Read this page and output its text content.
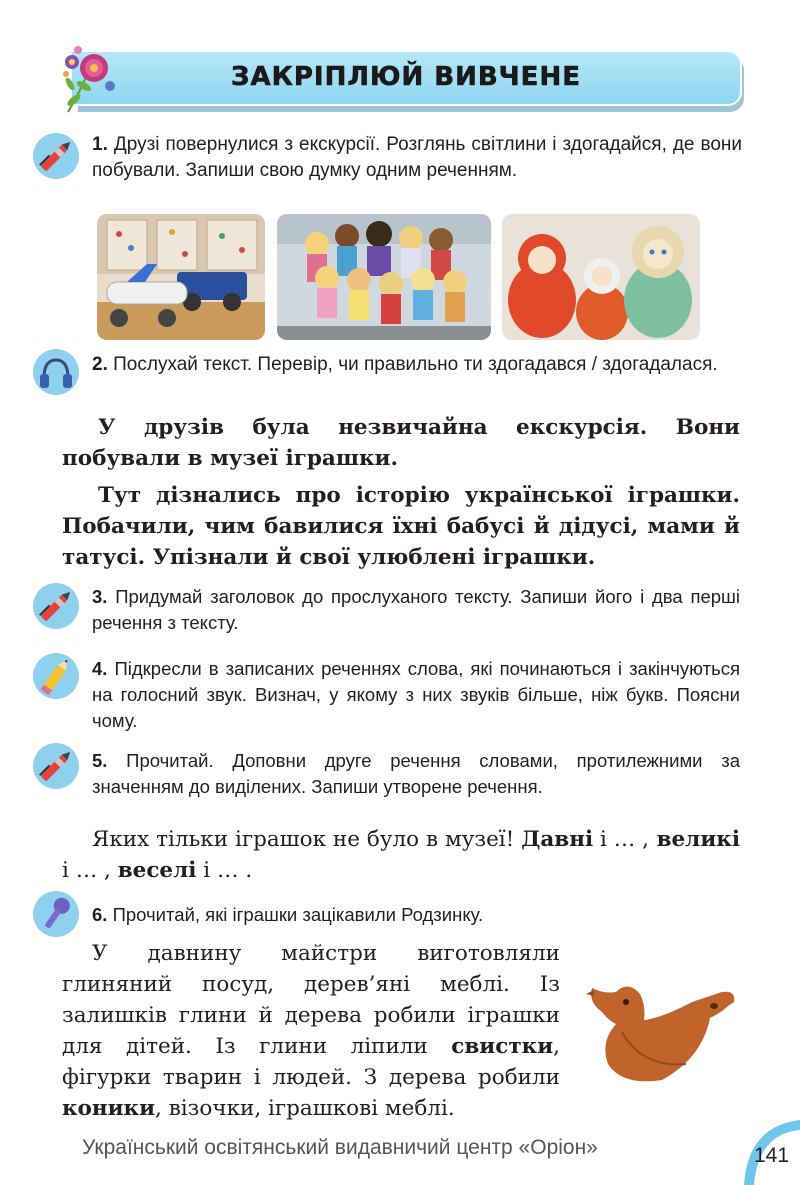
ЗАКРІПЛЮЙ ВИВЧЕНЕ
1. Друзі повернулися з екскурсії. Розглянь світлини і здогадайся, де вони побували. Запиши свою думку одним реченням.
2. Послухай текст. Перевір, чи правильно ти здогадався / здогадалася.

У друзів була незвичайна екскурсія. Вони побували в музеї іграшки.

Тут дізнались про історію української іграшки. Побачили, чим бавилися їхні бабусі й дідусі, мами й татусі. Упізнали й свої улюблені іграшки.

3. Придумай заголовок до прослуханого тексту. Запиши його і два перші речення з тексту.
4. Підкресли в записаних реченнях слова, які починаються і закінчуються на голосний звук. Визнач, у якому з них звуків більше, ніж букв. Поясни чому.
5. Прочитай. Доповни друге речення словами, протилежними за значенням до виділених. Запиши утворене речення.

Яких тільки іграшок не було в музеї! Давні і … , великі і … , веселі і … .

6. Прочитай, які іграшки зацікавили Родзинку.

У давнину майстри виготовляли глиняний посуд, дерев’яні меблі. Із залишків глини й дерева робили іграшки для дітей. Із глини ліпили свистки, фігурки тварин і людей. З дерева робили коники, візочки, іграшкові меблі.

Український освітянський видавничий центр «Оріон»	141
